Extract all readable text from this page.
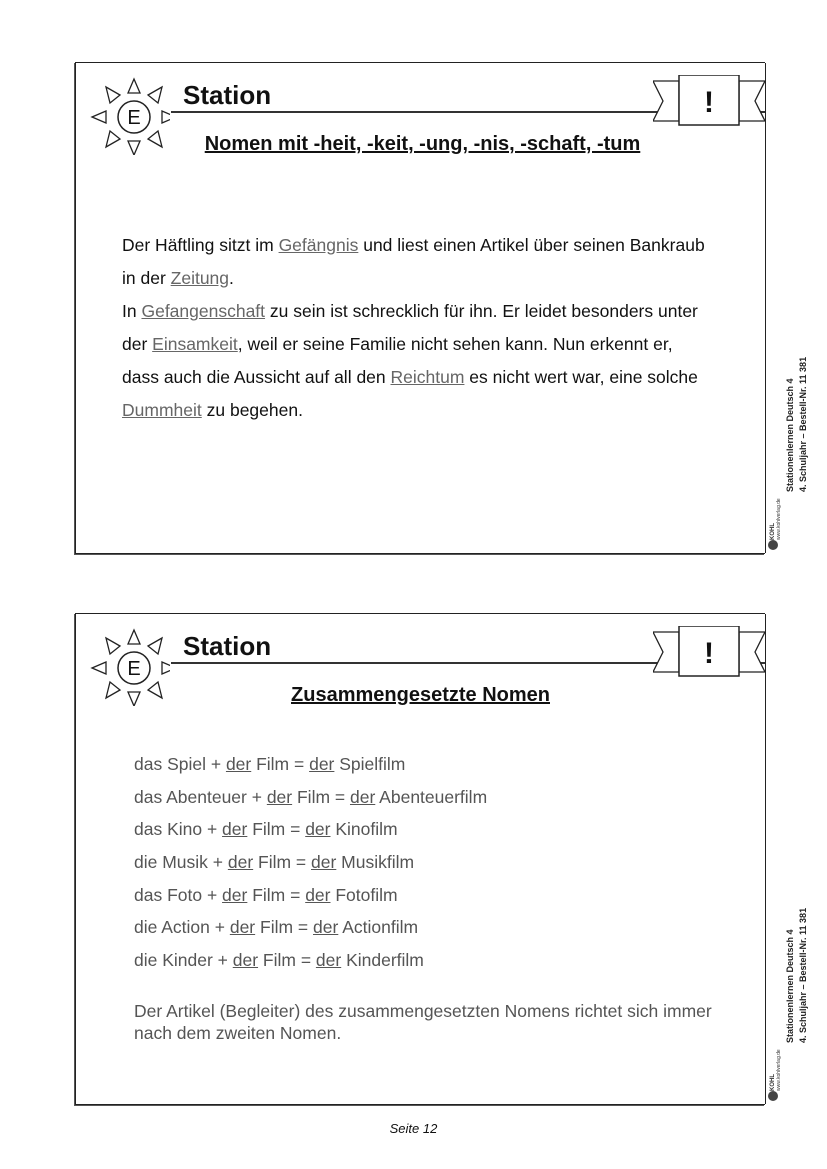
E
Station	!
Nomen mit -heit, -keit, -ung, -nis, -schaft, -tum
Der Häftling sitzt im Gefängnis und liest einen Artikel über seinen Bankraub in der Zeitung.
In Gefangenschaft zu sein ist schrecklich für ihn. Er leidet besonders unter der Einsamkeit, weil er seine Familie nicht sehen kann. Nun erkennt er, dass auch die Aussicht auf all den Reichtum es nicht wert war, eine solche Dummheit zu begehen.	Stationenlernen Deutsch 4 4. Schuljahr – Bestell-Nr. 11 381
KOHL www.kohlverlag.de
E
Station	!
Zusammengesetzte Nomen
das Spiel + der Film = der Spielfilm
das Abenteuer + der Film = der Abenteuerfilm
das Kino + der Film = der Kinofilm
die Musik + der Film = der Musikfilm
das Foto + der Film = der Fotofilm
die Action + der Film = der Actionfilm
die Kinder + der Film = der Kinderfilm
Der Artikel (Begleiter) des zusammengesetzten Nomens richtet sich immer nach dem zweiten Nomen.	Stationenlernen Deutsch 4 4. Schuljahr – Bestell-Nr. 11 381
KOHL www.kohlverlag.de
Seite 12
